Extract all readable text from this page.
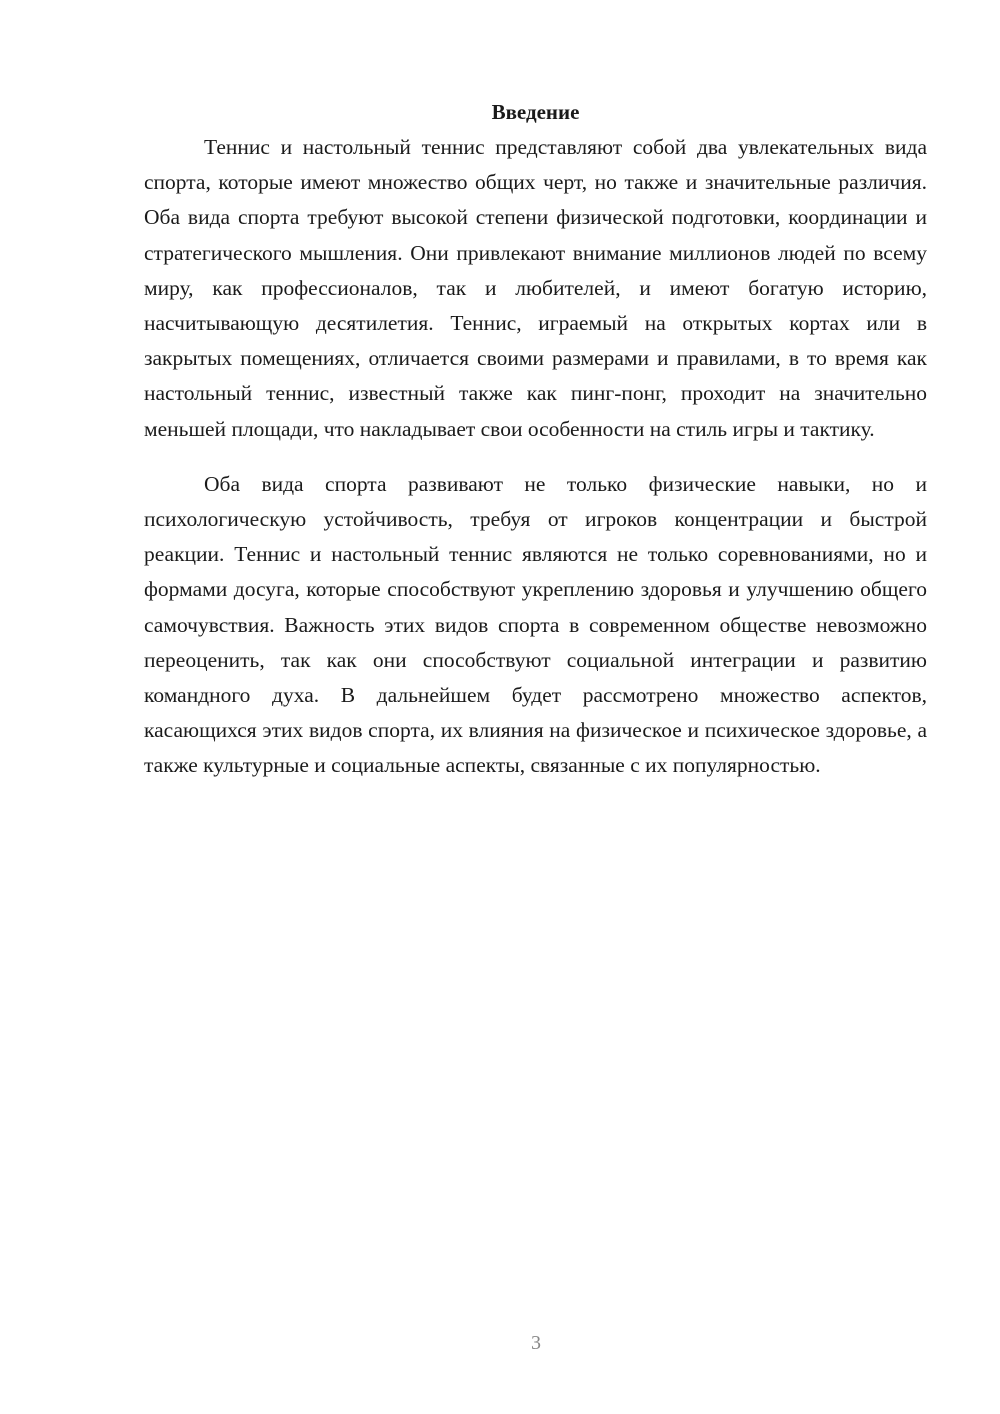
Введение

Теннис и настольный теннис представляют собой два увлекательных вида спорта, которые имеют множество общих черт, но также и значительные различия. Оба вида спорта требуют высокой степени физической подготовки, координации и стратегического мышления. Они привлекают внимание миллионов людей по всему миру, как профессионалов, так и любителей, и имеют богатую историю, насчитывающую десятилетия. Теннис, играемый на открытых кортах или в закрытых помещениях, отличается своими размерами и правилами, в то время как настольный теннис, известный также как пинг-понг, проходит на значительно меньшей площади, что накладывает свои особенности на стиль игры и тактику.

Оба вида спорта развивают не только физические навыки, но и психологическую устойчивость, требуя от игроков концентрации и быстрой реакции. Теннис и настольный теннис являются не только соревнованиями, но и формами досуга, которые способствуют укреплению здоровья и улучшению общего самочувствия. Важность этих видов спорта в современном обществе невозможно переоценить, так как они способствуют социальной интеграции и развитию командного духа. В дальнейшем будет рассмотрено множество аспектов, касающихся этих видов спорта, их влияния на физическое и психическое здоровье, а также культурные и социальные аспекты, связанные с их популярностью.

3
